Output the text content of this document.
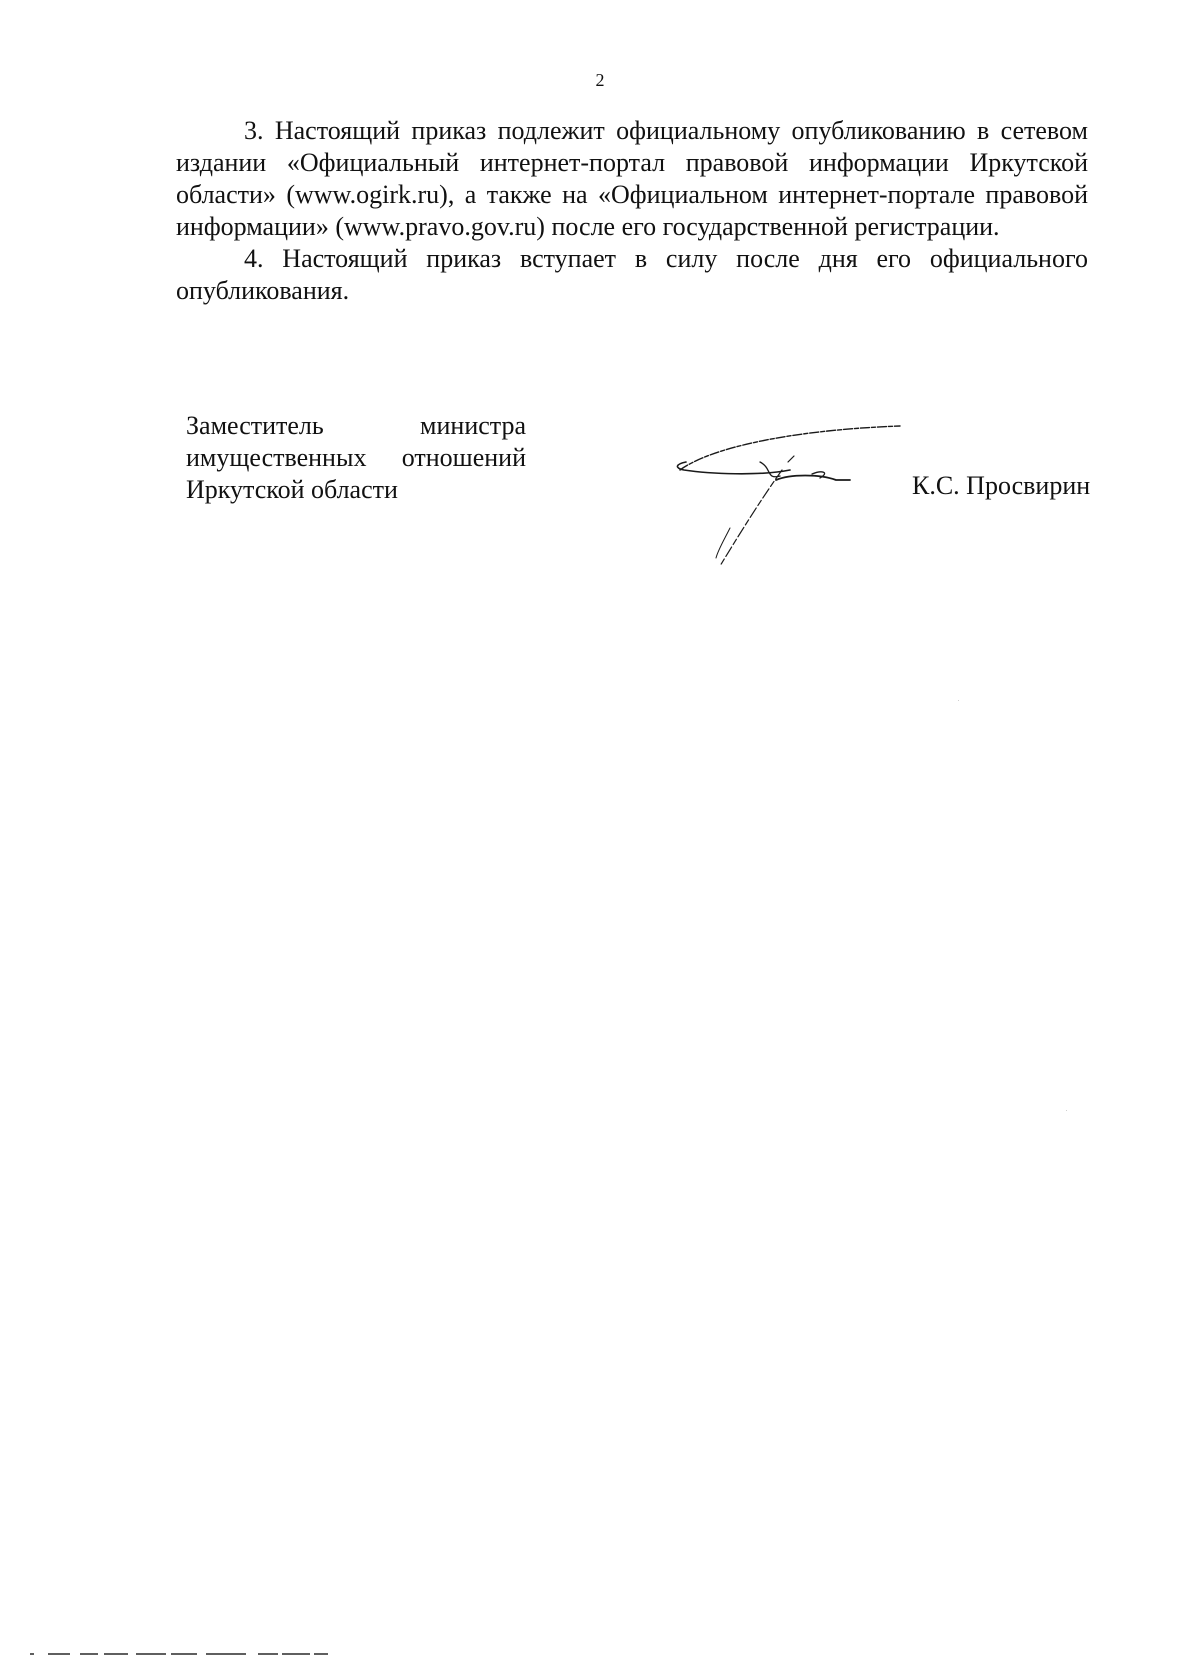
2

3. Настоящий приказ подлежит официальному опубликованию в сетевом издании «Официальный интернет-портал правовой информации Иркутской области» (www.ogirk.ru), а также на «Официальном интернет-портале правовой информации» (www.pravo.gov.ru) после его государственной регистрации.

4. Настоящий приказ вступает в силу после дня его официального опубликования.

Заместитель министра
имущественных отношений
Иркутской области	К.С. Просвирин
